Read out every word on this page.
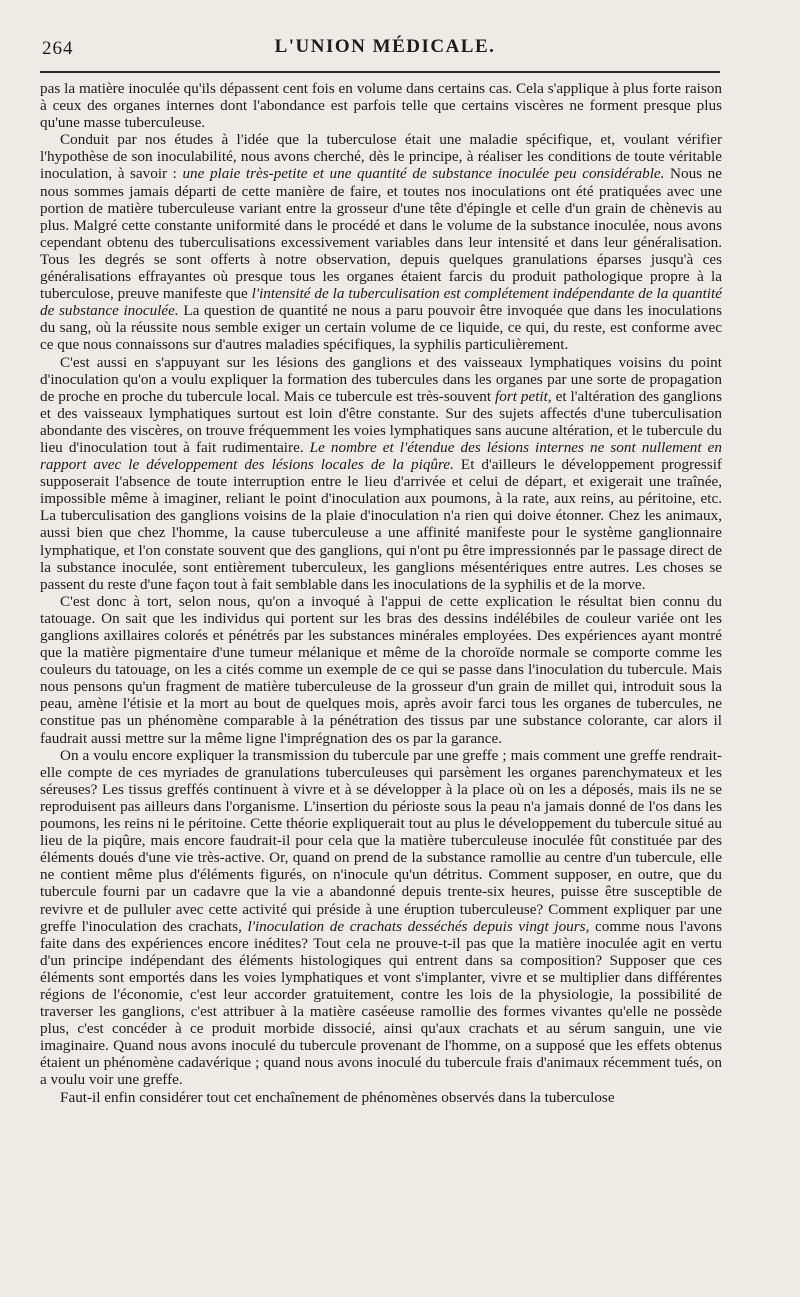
264	L'UNION MÉDICALE.

pas la matière inoculée qu'ils dépassent cent fois en volume dans certains cas. Cela s'applique à plus forte raison à ceux des organes internes dont l'abondance est parfois telle que certains viscères ne forment presque plus qu'une masse tuberculeuse.

Conduit par nos études à l'idée que la tuberculose était une maladie spécifique, et, voulant vérifier l'hypothèse de son inoculabilité, nous avons cherché, dès le principe, à réaliser les conditions de toute véritable inoculation, à savoir : une plaie très-petite et une quantité de substance inoculée peu considérable. Nous ne nous sommes jamais départi de cette manière de faire, et toutes nos inoculations ont été pratiquées avec une portion de matière tuberculeuse variant entre la grosseur d'une tête d'épingle et celle d'un grain de chènevis au plus. Malgré cette constante uniformité dans le procédé et dans le volume de la substance inoculée, nous avons cependant obtenu des tuberculisations excessivement variables dans leur intensité et dans leur généralisation. Tous les degrés se sont offerts à notre observation, depuis quelques granulations éparses jusqu'à ces généralisations effrayantes où presque tous les organes étaient farcis du produit pathologique propre à la tuberculose, preuve manifeste que l'intensité de la tuberculisation est complétement indépendante de la quantité de substance inoculée. La question de quantité ne nous a paru pouvoir être invoquée que dans les inoculations du sang, où la réussite nous semble exiger un certain volume de ce liquide, ce qui, du reste, est conforme avec ce que nous connaissons sur d'autres maladies spécifiques, la syphilis particulièrement.

C'est aussi en s'appuyant sur les lésions des ganglions et des vaisseaux lymphatiques voisins du point d'inoculation qu'on a voulu expliquer la formation des tubercules dans les organes par une sorte de propagation de proche en proche du tubercule local. Mais ce tubercule est très-souvent fort petit, et l'altération des ganglions et des vaisseaux lymphatiques surtout est loin d'être constante. Sur des sujets affectés d'une tuberculisation abondante des viscères, on trouve fréquemment les voies lymphatiques sans aucune altération, et le tubercule du lieu d'inoculation tout à fait rudimentaire. Le nombre et l'étendue des lésions internes ne sont nullement en rapport avec le développement des lésions locales de la piqûre. Et d'ailleurs le développement progressif supposerait l'absence de toute interruption entre le lieu d'arrivée et celui de départ, et exigerait une traînée, impossible même à imaginer, reliant le point d'inoculation aux poumons, à la rate, aux reins, au péritoine, etc. La tuberculisation des ganglions voisins de la plaie d'inoculation n'a rien qui doive étonner. Chez les animaux, aussi bien que chez l'homme, la cause tuberculeuse a une affinité manifeste pour le système ganglionnaire lymphatique, et l'on constate souvent que des ganglions, qui n'ont pu être impressionnés par le passage direct de la substance inoculée, sont entièrement tuberculeux, les ganglions mésentériques entre autres. Les choses se passent du reste d'une façon tout à fait semblable dans les inoculations de la syphilis et de la morve.

C'est donc à tort, selon nous, qu'on a invoqué à l'appui de cette explication le résultat bien connu du tatouage. On sait que les individus qui portent sur les bras des dessins indélébiles de couleur variée ont les ganglions axillaires colorés et pénétrés par les substances minérales employées. Des expériences ayant montré que la matière pigmentaire d'une tumeur mélanique et même de la choroïde normale se comporte comme les couleurs du tatouage, on les a cités comme un exemple de ce qui se passe dans l'inoculation du tubercule. Mais nous pensons qu'un fragment de matière tuberculeuse de la grosseur d'un grain de millet qui, introduit sous la peau, amène l'étisie et la mort au bout de quelques mois, après avoir farci tous les organes de tubercules, ne constitue pas un phénomène comparable à la pénétration des tissus par une substance colorante, car alors il faudrait aussi mettre sur la même ligne l'imprégnation des os par la garance.

On a voulu encore expliquer la transmission du tubercule par une greffe ; mais comment une greffe rendrait-elle compte de ces myriades de granulations tuberculeuses qui parsèment les organes parenchymateux et les séreuses? Les tissus greffés continuent à vivre et à se développer à la place où on les a déposés, mais ils ne se reproduisent pas ailleurs dans l'organisme. L'insertion du périoste sous la peau n'a jamais donné de l'os dans les poumons, les reins ni le péritoine. Cette théorie expliquerait tout au plus le développement du tubercule situé au lieu de la piqûre, mais encore faudrait-il pour cela que la matière tuberculeuse inoculée fût constituée par des éléments doués d'une vie très-active. Or, quand on prend de la substance ramollie au centre d'un tubercule, elle ne contient même plus d'éléments figurés, on n'inocule qu'un détritus. Comment supposer, en outre, que du tubercule fourni par un cadavre que la vie a abandonné depuis trente-six heures, puisse être susceptible de revivre et de pulluler avec cette activité qui préside à une éruption tuberculeuse? Comment expliquer par une greffe l'inoculation des crachats, l'inoculation de crachats desséchés depuis vingt jours, comme nous l'avons faite dans des expériences encore inédites? Tout cela ne prouve-t-il pas que la matière inoculée agit en vertu d'un principe indépendant des éléments histologiques qui entrent dans sa composition? Supposer que ces éléments sont emportés dans les voies lymphatiques et vont s'implanter, vivre et se multiplier dans différentes régions de l'économie, c'est leur accorder gratuitement, contre les lois de la physiologie, la possibilité de traverser les ganglions, c'est attribuer à la matière caséeuse ramollie des formes vivantes qu'elle ne possède plus, c'est concéder à ce produit morbide dissocié, ainsi qu'aux crachats et au sérum sanguin, une vie imaginaire. Quand nous avons inoculé du tubercule provenant de l'homme, on a supposé que les effets obtenus étaient un phénomène cadavérique ; quand nous avons inoculé du tubercule frais d'animaux récemment tués, on a voulu voir une greffe.

Faut-il enfin considérer tout cet enchaînement de phénomènes observés dans la tuberculose
